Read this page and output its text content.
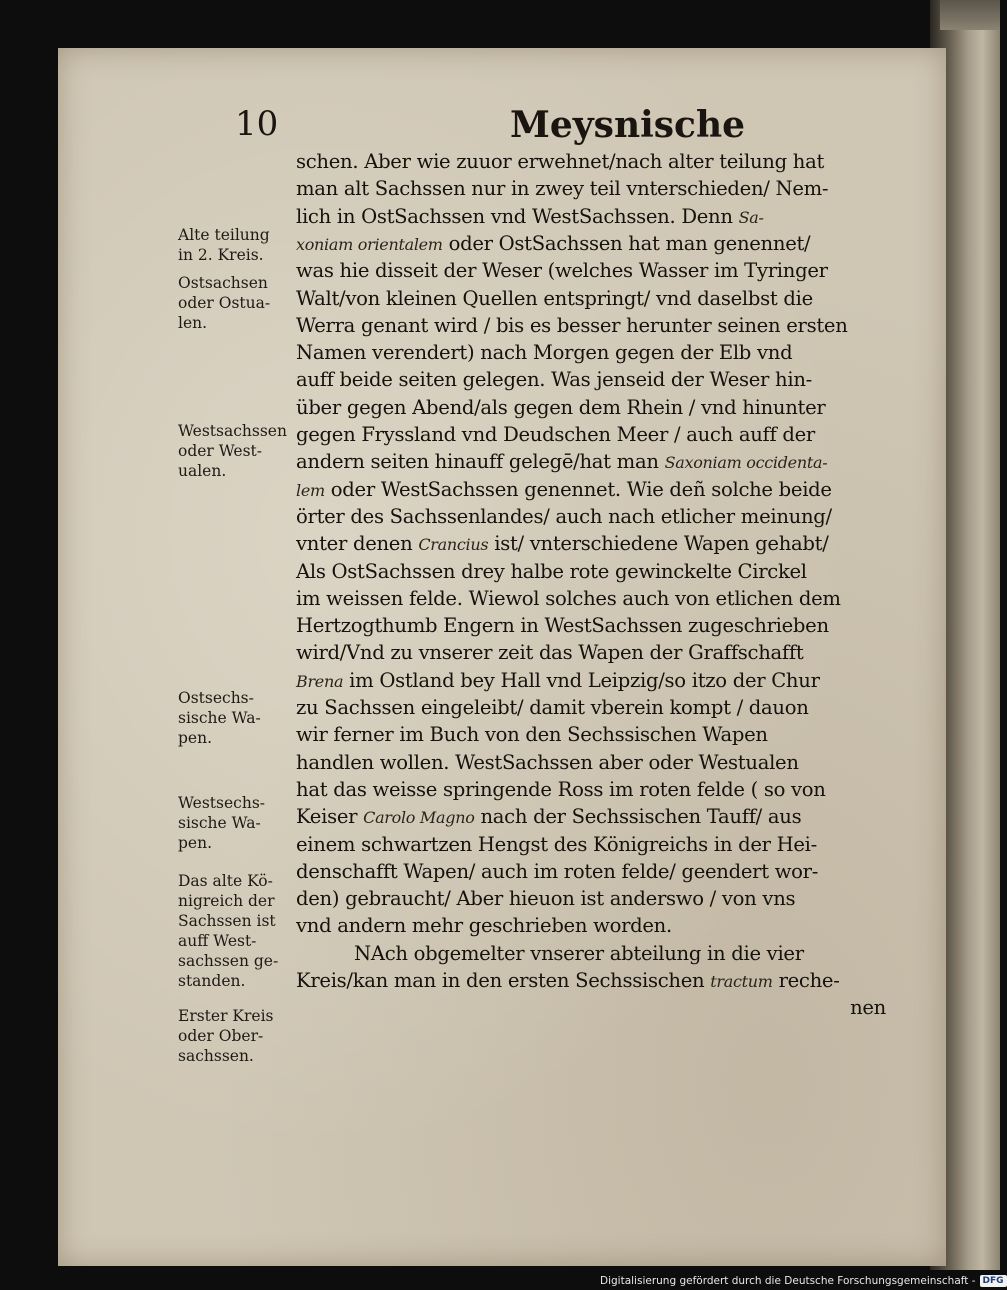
10	Meysnische
Alte teilung
in 2. Kreis.
Ostsachsen
oder Ostua-
len.
Westsachssen
oder West-
ualen.
Ostsechs-
sische Wa-
pen.
Westsechs-
sische Wa-
pen.
Das alte Kö-
nigreich der
Sachssen ist
auff West-
sachssen ge-
standen.
Erster Kreis
oder Ober-
sachssen.
schen. Aber wie zuuor erwehnet/nach alter teilung hat
man alt Sachssen nur in zwey teil vnterschieden/ Nem-
lich in OstSachssen vnd WestSachssen. Denn Sa-
xoniam orientalem oder OstSachssen hat man genennet/
was hie disseit der Weser (welches Wasser im Tyringer
Walt/von kleinen Quellen entspringt/ vnd daselbst die
Werra genant wird / bis es besser herunter seinen ersten
Namen verendert) nach Morgen gegen der Elb vnd
auff beide seiten gelegen. Was jenseid der Weser hin-
über gegen Abend/als gegen dem Rhein / vnd hinunter
gegen Fryssland vnd Deudschen Meer / auch auff der
andern seiten hinauff gelegē/hat man Saxoniam occidenta-
lem oder WestSachssen genennet. Wie deñ solche beide
örter des Sachssenlandes/ auch nach etlicher meinung/
vnter denen Crancius ist/ vnterschiedene Wapen gehabt/
Als OstSachssen drey halbe rote gewinckelte Circkel
im weissen felde. Wiewol solches auch von etlichen dem
Hertzogthumb Engern in WestSachssen zugeschrieben
wird/Vnd zu vnserer zeit das Wapen der Graffschafft
Brena im Ostland bey Hall vnd Leipzig/so itzo der Chur
zu Sachssen eingeleibt/ damit vberein kompt / dauon
wir ferner im Buch von den Sechssischen Wapen
handlen wollen. WestSachssen aber oder Westualen
hat das weisse springende Ross im roten felde ( so von
Keiser Carolo Magno nach der Sechssischen Tauff/ aus
einem schwartzen Hengst des Königreichs in der Hei-
denschafft Wapen/ auch im roten felde/ geendert wor-
den) gebraucht/ Aber hieuon ist anderswo / von vns
vnd andern mehr geschrieben worden.
NAch obgemelter vnserer abteilung in die vier
Kreis/kan man in den ersten Sechssischen tractum reche-
nen
Digitalisierung gefördert durch die Deutsche Forschungsgemeinschaft - DFG
